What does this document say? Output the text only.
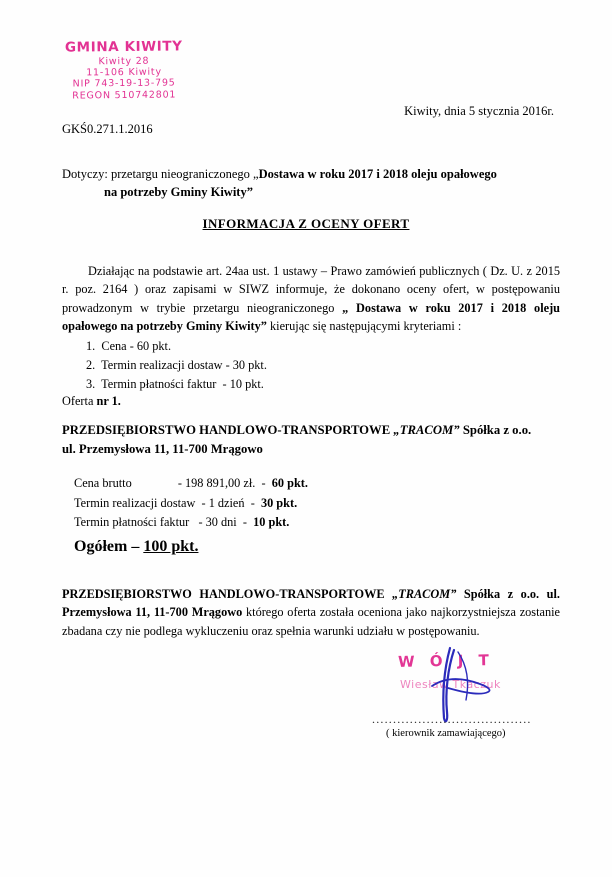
GMINA KIWITY
Kiwity 28
11-106 Kiwity
NIP 743-19-13-795
REGON 510742801
Kiwity, dnia 5 stycznia 2016r.
GKŚ0.271.1.2016
Dotyczy: przetargu nieograniczonego „Dostawa w roku 2017 i 2018 oleju opałowego
na potrzeby Gminy Kiwity”
INFORMACJA Z OCENY OFERT
Działając na podstawie art. 24aa ust. 1 ustawy – Prawo zamówień publicznych ( Dz. U. z 2015 r. poz. 2164 ) oraz zapisami w SIWZ informuje, że dokonano oceny ofert, w postępowaniu prowadzonym w trybie przetargu nieograniczonego „ Dostawa w roku 2017 i 2018 oleju opałowego na potrzeby Gminy Kiwity” kierując się następującymi kryteriami :
1.  Cena - 60 pkt.
2.  Termin realizacji dostaw - 30 pkt.
3.  Termin płatności faktur  - 10 pkt.
Oferta nr 1.
PRZEDSIĘBIORSTWO HANDLOWO-TRANSPORTOWE „TRACOM” Spółka z o.o.
ul. Przemysłowa 11, 11-700 Mrągowo
Cena brutto               - 198 891,00 zł.  -  60 pkt.
Termin realizacji dostaw  - 1 dzień  -  30 pkt.
Termin płatności faktur   - 30 dni  -  10 pkt.
Ogółem – 100 pkt.
PRZEDSIĘBIORSTWO HANDLOWO-TRANSPORTOWE „TRACOM” Spółka z o.o. ul. Przemysłowa 11, 11-700 Mrągowo którego oferta została oceniona jako najkorzystniejsza zostanie zbadana czy nie podlega wykluczeniu oraz spełnia warunki udziału w postępowaniu.
W Ó J T
Wiesław Tkaczuk
......................................
( kierownik zamawiającego)
